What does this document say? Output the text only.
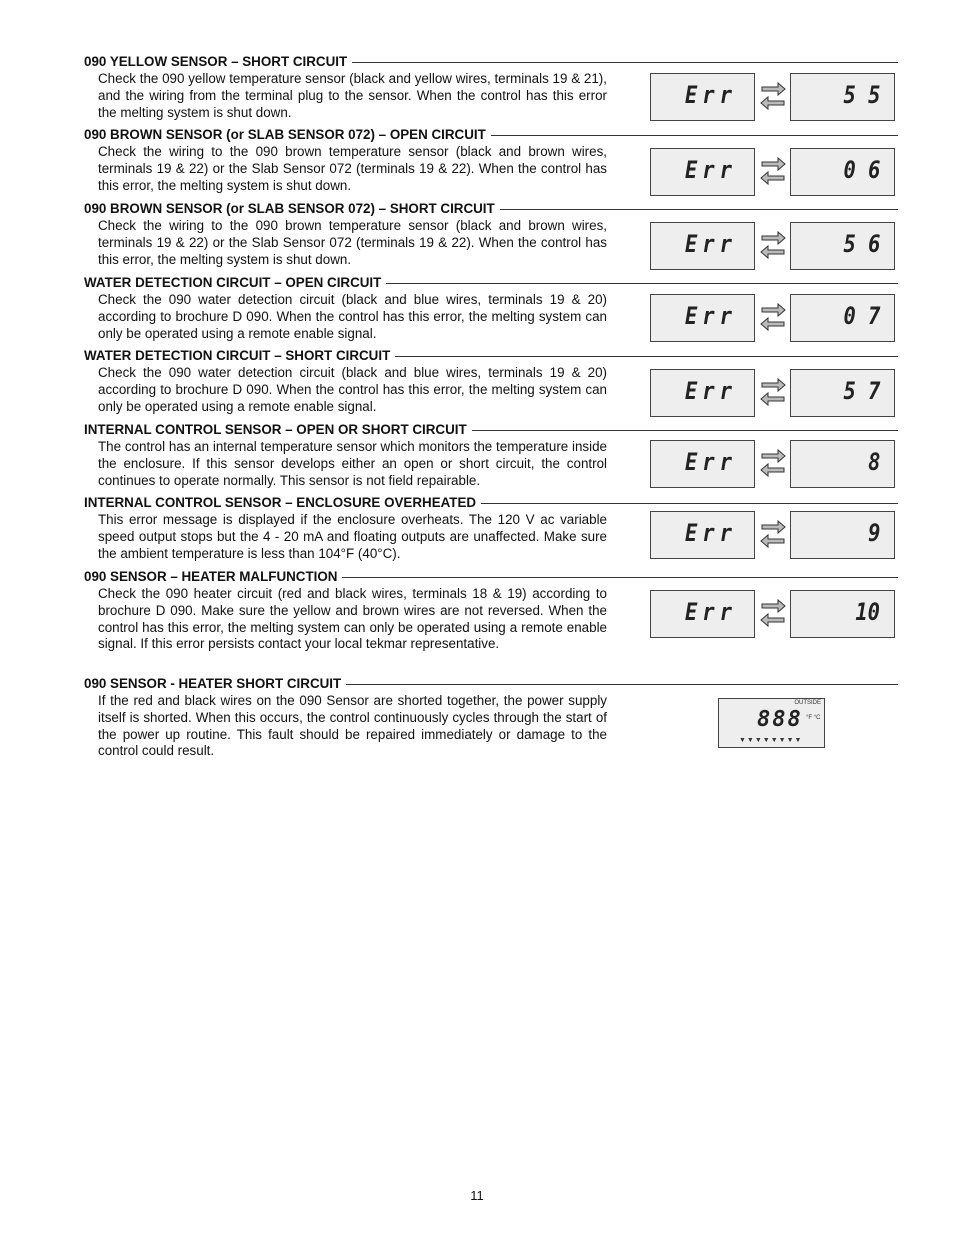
090 YELLOW SENSOR – SHORT CIRCUIT
Check the 090 yellow temperature sensor (black and yellow wires, terminals 19 & 21), and the wiring from the terminal plug to the sensor. When the control has this error the melting system is shut down.
Err	5 5
090 BROWN SENSOR (or SLAB SENSOR 072) – OPEN CIRCUIT
Check the wiring to the 090 brown temperature sensor (black and brown wires, terminals 19 & 22) or the Slab Sensor 072 (terminals 19 & 22). When the control has this error, the melting system is shut down.
Err	0 6
090 BROWN SENSOR (or SLAB SENSOR 072) – SHORT CIRCUIT
Check the wiring to the 090 brown temperature sensor (black and brown wires, terminals 19 & 22) or the Slab Sensor 072 (terminals 19 & 22). When the control has this error, the melting system is shut down.
Err	5 6
WATER DETECTION CIRCUIT – OPEN CIRCUIT
Check the 090 water detection circuit (black and blue wires, terminals 19 & 20) according to brochure D 090. When the control has this error, the melting system can only be operated using a remote enable signal.
Err	0 7
WATER DETECTION CIRCUIT – SHORT CIRCUIT
Check the 090 water detection circuit (black and blue wires, terminals 19 & 20) according to brochure D 090. When the control has this error, the melting system can only be operated using a remote enable signal.
Err	5 7
INTERNAL CONTROL SENSOR – OPEN OR SHORT CIRCUIT
The control has an internal temperature sensor which monitors the temperature inside the enclosure. If this sensor develops either an open or short circuit, the control continues to operate normally. This sensor is not field repairable.
Err	8
INTERNAL CONTROL SENSOR – ENCLOSURE OVERHEATED
This error message is displayed if the enclosure overheats. The 120 V ac variable speed output stops but the 4 - 20 mA and floating outputs are unaffected. Make sure the ambient temperature is less than 104°F (40°C).
Err	9
090 SENSOR – HEATER MALFUNCTION
Check the 090 heater circuit (red and black wires, terminals 18 & 19) according to brochure D 090. Make sure the yellow and brown wires are not reversed. When the control has this error, the melting system can only be operated using a remote enable signal. If this error persists contact your local tekmar representative.
Err	10
090 SENSOR - HEATER SHORT CIRCUIT
If the red and black wires on the 090 Sensor are shorted together, the power supply itself is shorted. When this occurs, the control continuously cycles through the start of the power up routine. This fault should be repaired immediately or damage to the control could result.
OUTSIDE
888 °F °C
▼▼▼▼▼▼▼▼
11
